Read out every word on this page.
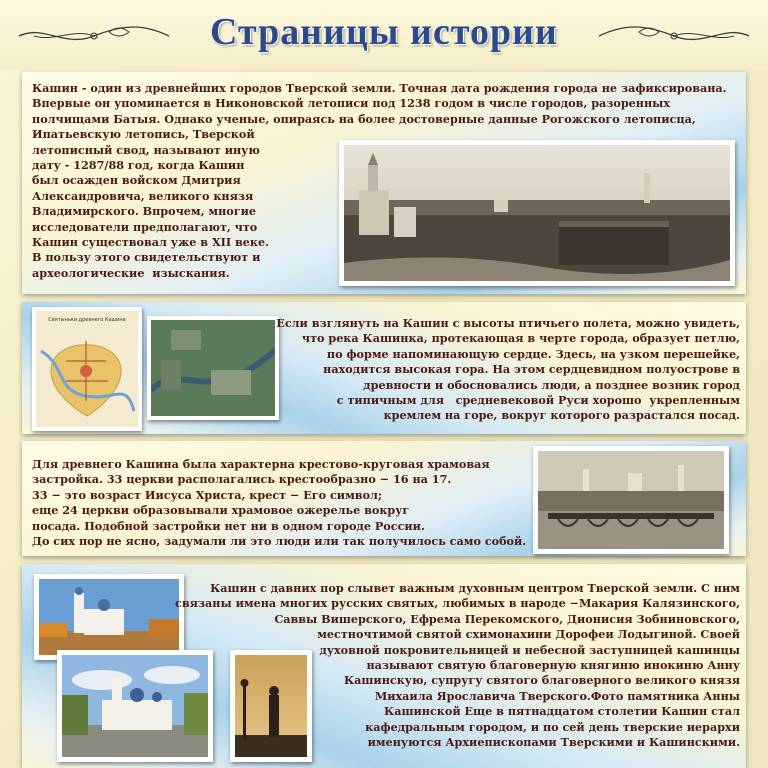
Страницы истории

Кашин - один из древнейших городов Тверской земли. Точная дата рождения города не зафиксирована.
Впервые он упоминается в Никоновской летописи под 1238 годом в числе городов, разоренных
полчищами Батыя. Однако ученые, опираясь на более достоверные данные Рогожского летописца,
Ипатьевскую летопись, Тверской
летописный свод, называют иную
дату - 1287/88 год, когда Кашин
был осажден войском Дмитрия
Александровича, великого князя
Владимирского. Впрочем, многие
исследователи предполагают, что
Кашин существовал уже в XII веке.
В пользу этого свидетельствуют и
археологические  изыскания.

Святыньки древнего Кашина	Если взглянуть на Кашин с высоты птичьего полета, можно увидеть,
что река Кашинка, протекающая в черте города, образует петлю,
по форме напоминающую сердце. Здесь, на узком перешейке,
находится высокая гора. На этом сердцевидном полуострове в
древности и обосновались люди, а позднее возник город
с типичным для   средневековой Руси хорошо  укрепленным
кремлем на горе, вокруг которого разрастался посад.

Для древнего Кашина была характерна крестово-круговая храмовая
застройка. 33 церкви располагались крестообразно − 16 на 17.
33 − это возраст Иисуса Христа, крест − Его символ;
еще 24 церкви образовывали храмовое ожерелье вокруг
посада. Подобной застройки нет ни в одном городе России.
До сих пор не ясно, задумали ли это люди или так получилось само собой.

Кашин с давних пор слывет важным духовным центром Тверской земли. С ним
связаны имена многих русских святых, любимых в народе −Макария Калязинского,
Саввы Вишерского, Ефрема Перекомского, Дионисия Зобниновского,
местночтимой святой схимонахини Дорофеи Лодыгиной. Своей
духовной покровительницей и небесной заступницей кашинцы
называют святую благоверную княгиню инокиню Анну
Кашинскую, супругу святого благоверного великого князя
Михаила Ярославича Тверского.Фото памятника Анны
Кашинской Еще в пятнадцатом столетии Кашин стал
кафедральным городом, и по сей день тверские иерархи
именуются Архиепископами Тверскими и Кашинскими.
